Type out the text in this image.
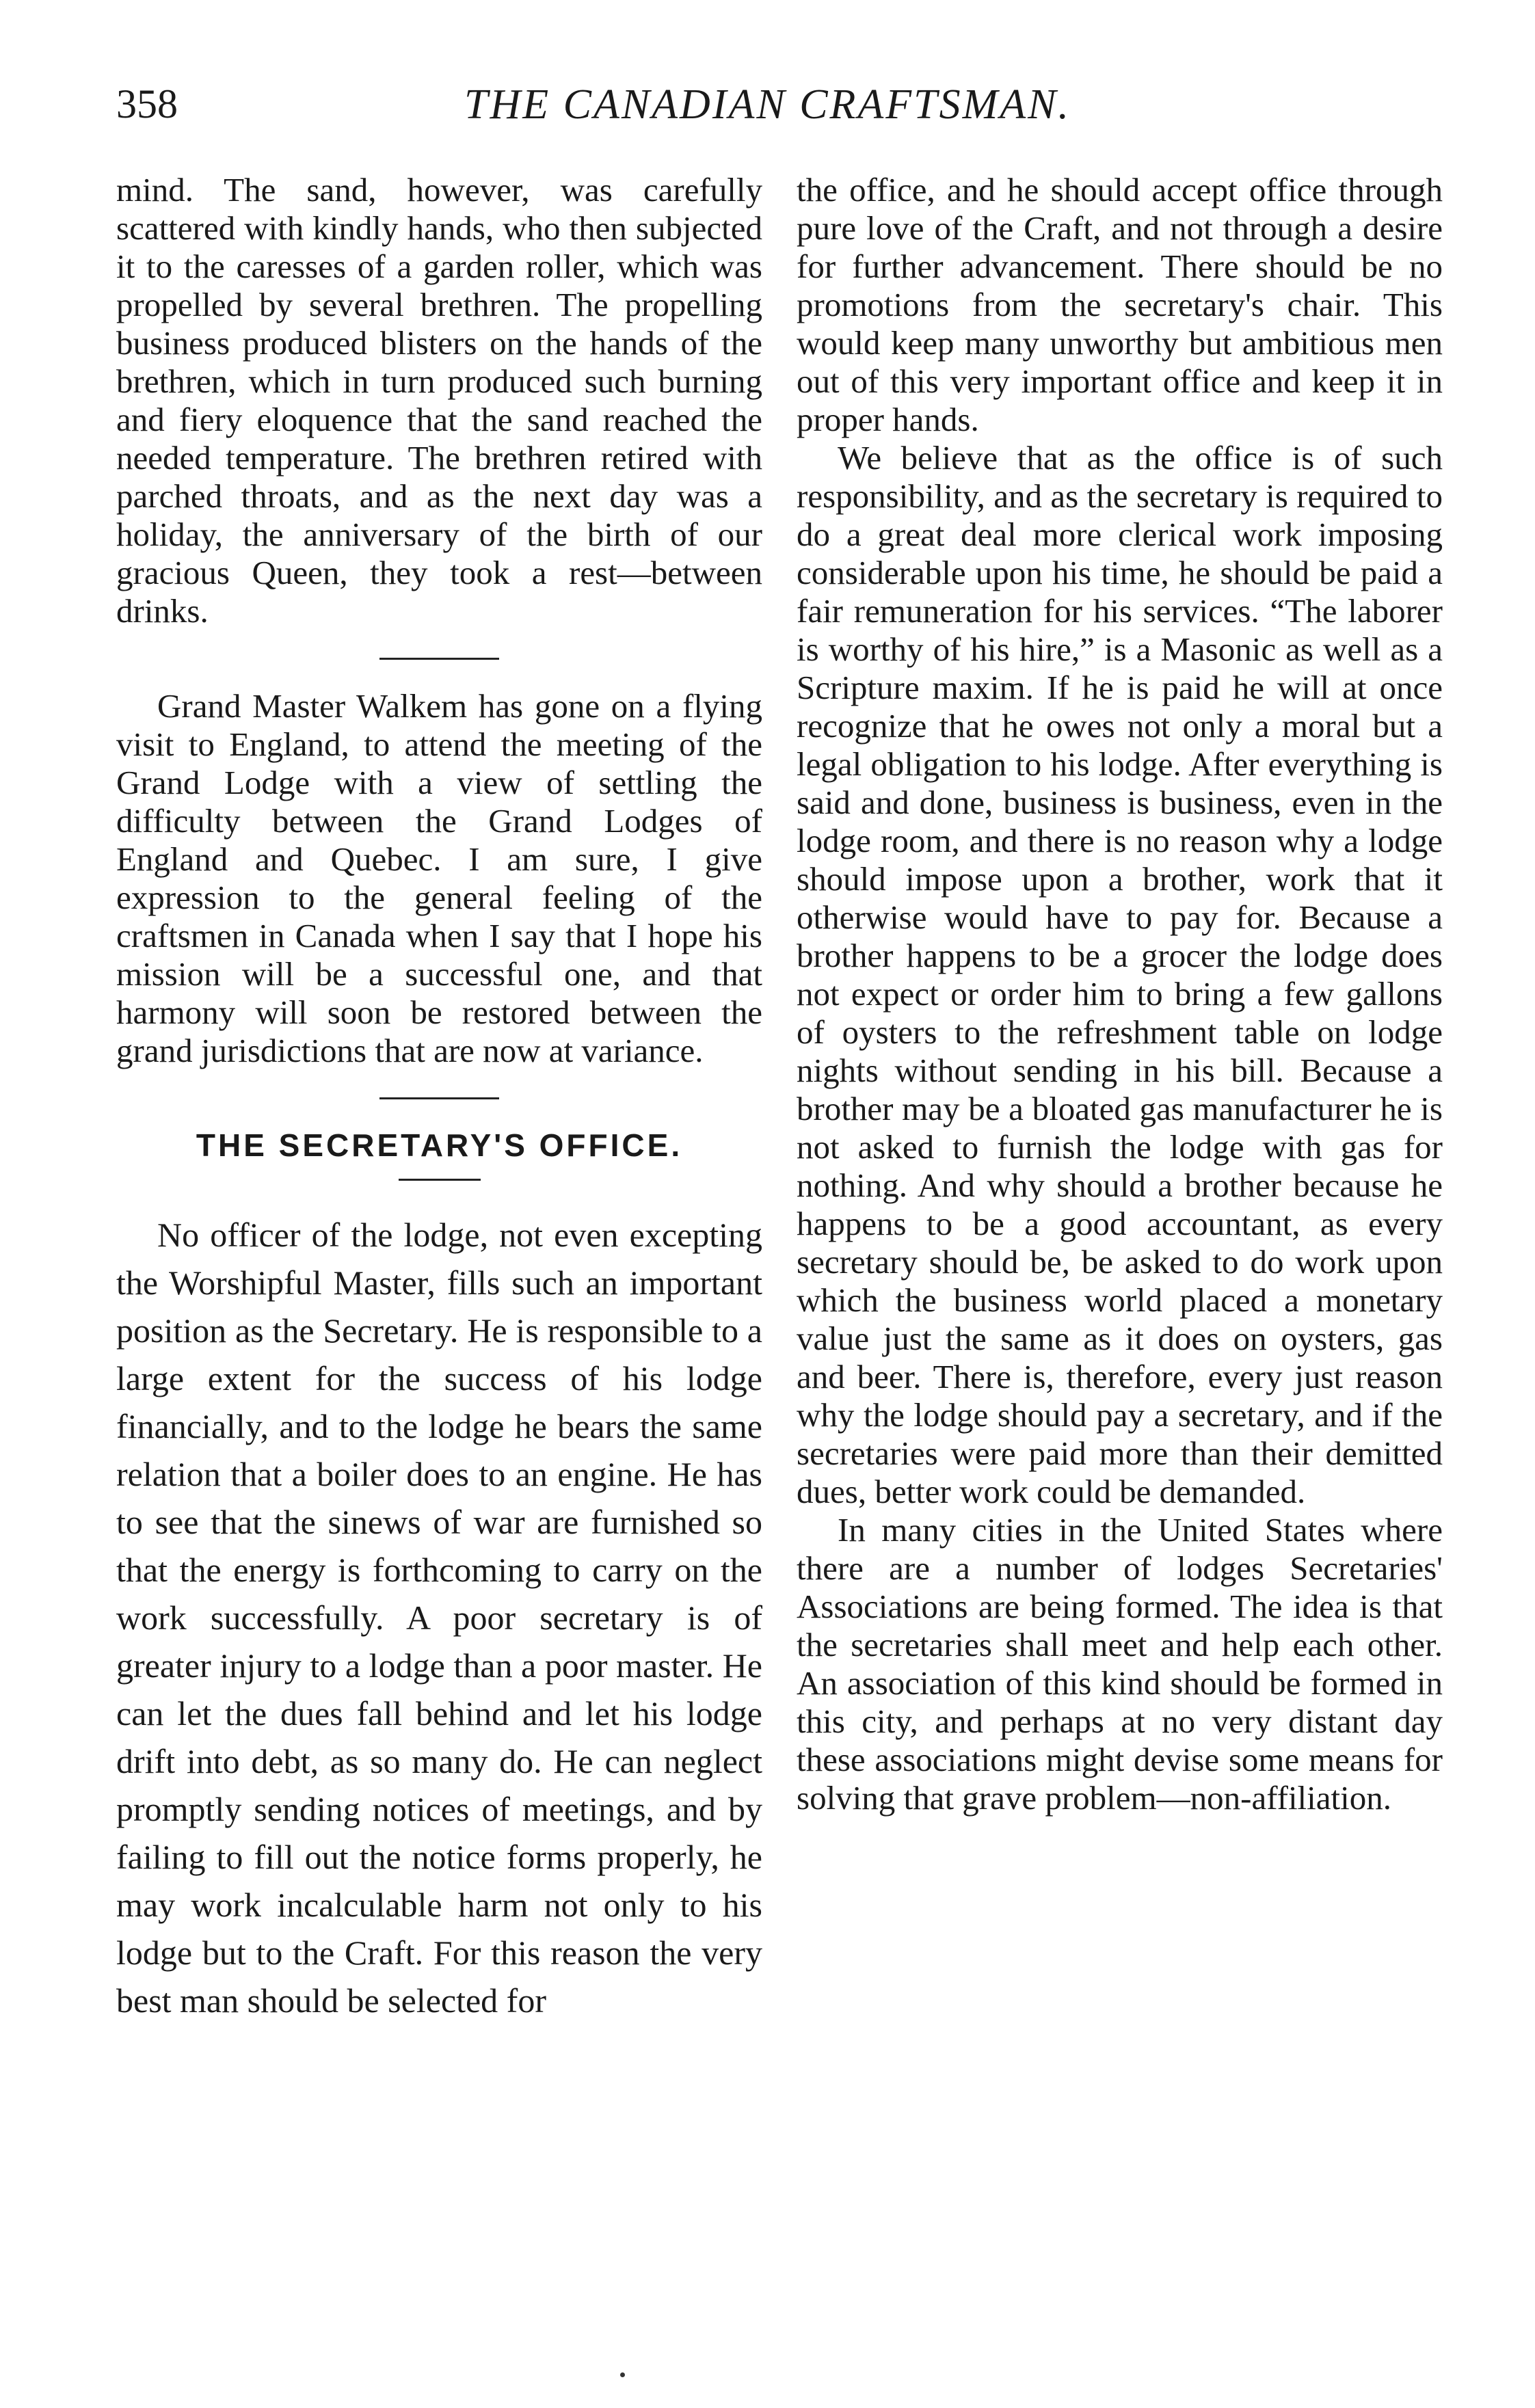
358	THE CANADIAN CRAFTSMAN.

mind. The sand, however, was carefully scattered with kindly hands, who then subjected it to the caresses of a garden roller, which was propelled by several brethren. The propelling business produced blisters on the hands of the brethren, which in turn produced such burning and fiery eloquence that the sand reached the needed temperature. The brethren retired with parched throats, and as the next day was a holiday, the anniversary of the birth of our gracious Queen, they took a rest—between drinks.

Grand Master Walkem has gone on a flying visit to England, to attend the meeting of the Grand Lodge with a view of settling the difficulty between the Grand Lodges of England and Quebec. I am sure, I give expression to the general feeling of the craftsmen in Canada when I say that I hope his mission will be a successful one, and that harmony will soon be restored between the grand jurisdictions that are now at variance.

THE SECRETARY'S OFFICE.

No officer of the lodge, not even excepting the Worshipful Master, fills such an important position as the Secretary. He is responsible to a large extent for the success of his lodge financially, and to the lodge he bears the same relation that a boiler does to an engine. He has to see that the sinews of war are furnished so that the energy is forthcoming to carry on the work successfully. A poor secretary is of greater injury to a lodge than a poor master. He can let the dues fall behind and let his lodge drift into debt, as so many do. He can neglect promptly sending notices of meetings, and by failing to fill out the notice forms properly, he may work incalculable harm not only to his lodge but to the Craft. For this reason the very best man should be selected for

the office, and he should accept office through pure love of the Craft, and not through a desire for further advancement. There should be no promotions from the secretary's chair. This would keep many unworthy but ambitious men out of this very important office and keep it in proper hands.

We believe that as the office is of such responsibility, and as the secretary is required to do a great deal more clerical work imposing considerable upon his time, he should be paid a fair remuneration for his services. “The laborer is worthy of his hire,” is a Masonic as well as a Scripture maxim. If he is paid he will at once recognize that he owes not only a moral but a legal obligation to his lodge. After everything is said and done, business is business, even in the lodge room, and there is no reason why a lodge should impose upon a brother, work that it otherwise would have to pay for. Because a brother happens to be a grocer the lodge does not expect or order him to bring a few gallons of oysters to the refreshment table on lodge nights without sending in his bill. Because a brother may be a bloated gas manufacturer he is not asked to furnish the lodge with gas for nothing. And why should a brother because he happens to be a good accountant, as every secretary should be, be asked to do work upon which the business world placed a monetary value just the same as it does on oysters, gas and beer. There is, therefore, every just reason why the lodge should pay a secretary, and if the secretaries were paid more than their demitted dues, better work could be demanded.

In many cities in the United States where there are a number of lodges Secretaries' Associations are being formed. The idea is that the secretaries shall meet and help each other. An association of this kind should be formed in this city, and perhaps at no very distant day these associations might devise some means for solving that grave problem—non-affiliation.
